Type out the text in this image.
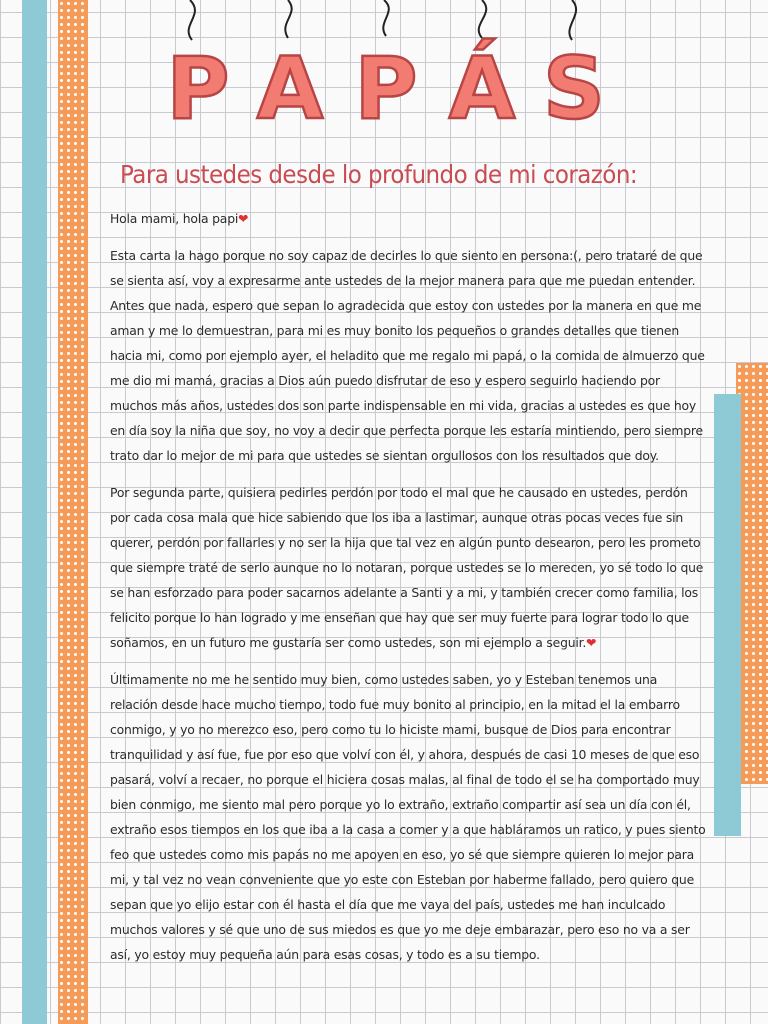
P A P Á S
Para ustedes desde lo profundo de mi corazón:

Hola mami, hola papi❤

Esta carta la hago porque no soy capaz de decirles lo que siento en persona:(, pero trataré de que se sienta así, voy a expresarme ante ustedes de la mejor manera para que me puedan entender. Antes que nada, espero que sepan lo agradecida que estoy con ustedes por la manera en que me aman y me lo demuestran, para mi es muy bonito los pequeños o grandes detalles que tienen hacia mi, como por ejemplo ayer, el heladito que me regalo mi papá, o la comida de almuerzo que me dio mi mamá, gracias a Dios aún puedo disfrutar de eso y espero seguirlo haciendo por muchos más años, ustedes dos son parte indispensable en mi vida, gracias a ustedes es que hoy en día soy la niña que soy, no voy a decir que perfecta porque les estaría mintiendo, pero siempre trato dar lo mejor de mi para que ustedes se sientan orgullosos con los resultados que doy.

Por segunda parte, quisiera pedirles perdón por todo el mal que he causado en ustedes, perdón por cada cosa mala que hice sabiendo que los iba a lastimar, aunque otras pocas veces fue sin querer, perdón por fallarles y no ser la hija que tal vez en algún punto desearon, pero les prometo que siempre traté de serlo aunque no lo notaran, porque ustedes se lo merecen, yo sé todo lo que se han esforzado para poder sacarnos adelante a Santi y a mi, y también crecer como familia, los felicito porque lo han logrado y me enseñan que hay que ser muy fuerte para lograr todo lo que soñamos, en un futuro me gustaría ser como ustedes, son mi ejemplo a seguir.❤

Últimamente no me he sentido muy bien, como ustedes saben, yo y Esteban tenemos una relación desde hace mucho tiempo, todo fue muy bonito al principio, en la mitad el la embarro conmigo, y yo no merezco eso, pero como tu lo hiciste mami, busque de Dios para encontrar tranquilidad y así fue, fue por eso que volví con él, y ahora, después de casi 10 meses de que eso pasará, volví a recaer, no porque el hiciera cosas malas, al final de todo el se ha comportado muy bien conmigo, me siento mal pero porque yo lo extraño, extraño compartir así sea un día con él, extraño esos tiempos en los que iba a la casa a comer y a que habláramos un ratico, y pues siento feo que ustedes como mis papás no me apoyen en eso, yo sé que siempre quieren lo mejor para mi, y tal vez no vean conveniente que yo este con Esteban por haberme fallado, pero quiero que sepan que yo elijo estar con él hasta el día que me vaya del país, ustedes me han inculcado muchos valores y sé que uno de sus miedos es que yo me deje embarazar, pero eso no va a ser así, yo estoy muy pequeña aún para esas cosas, y todo es a su tiempo.
